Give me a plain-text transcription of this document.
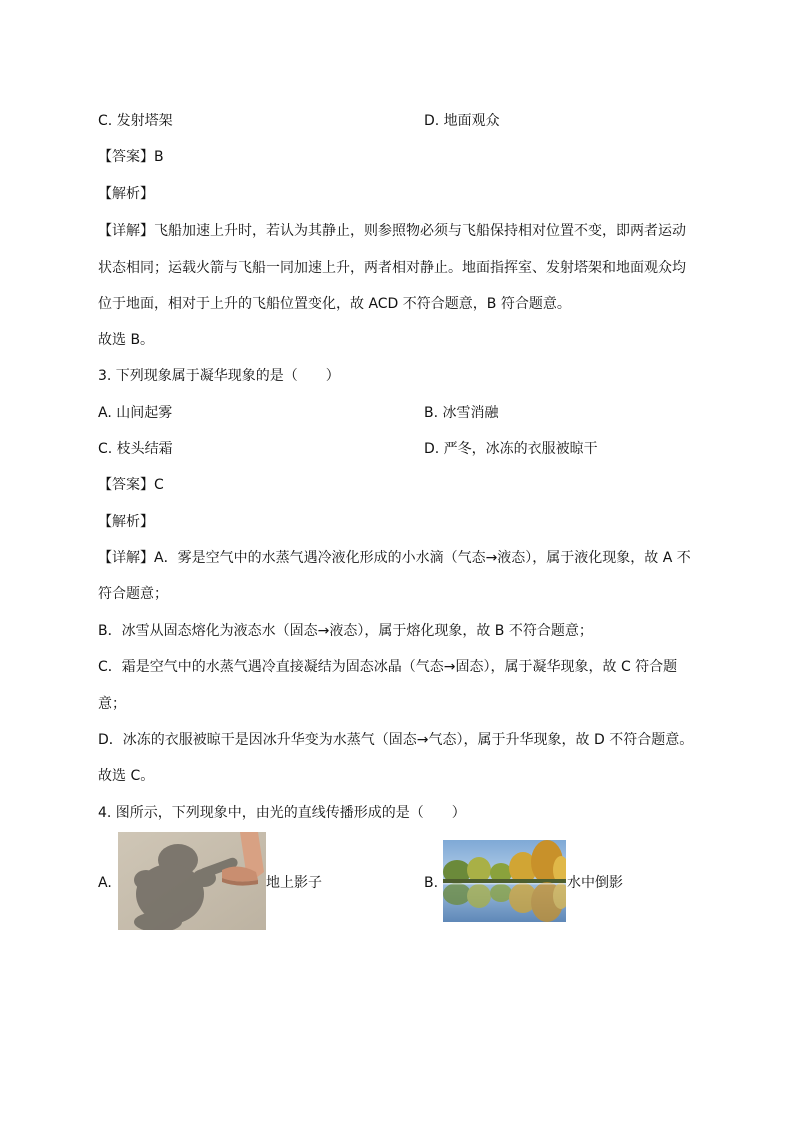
C. 发射塔架	D. 地面观众
【答案】B
【解析】
【详解】飞船加速上升时，若认为其静止，则参照物必须与飞船保持相对位置不变，即两者运动
状态相同；运载火箭与飞船一同加速上升，两者相对静止。地面指挥室、发射塔架和地面观众均
位于地面，相对于上升的飞船位置变化，故 ACD 不符合题意，B 符合题意。
故选 B。
3. 下列现象属于凝华现象的是（　　）
A. 山间起雾	B. 冰雪消融
C. 枝头结霜	D. 严冬，冰冻的衣服被晾干
【答案】C
【解析】
【详解】A．雾是空气中的水蒸气遇冷液化形成的小水滴（气态→液态），属于液化现象，故 A 不
符合题意；
B．冰雪从固态熔化为液态水（固态→液态），属于熔化现象，故 B 不符合题意；
C．霜是空气中的水蒸气遇冷直接凝结为固态冰晶（气态→固态），属于凝华现象，故 C 符合题
意；
D．冰冻的衣服被晾干是因冰升华变为水蒸气（固态→气态），属于升华现象，故 D 不符合题意。
故选 C。
4. 图所示，下列现象中，由光的直线传播形成的是（　　）
A.	地上影子	B.	水中倒影
